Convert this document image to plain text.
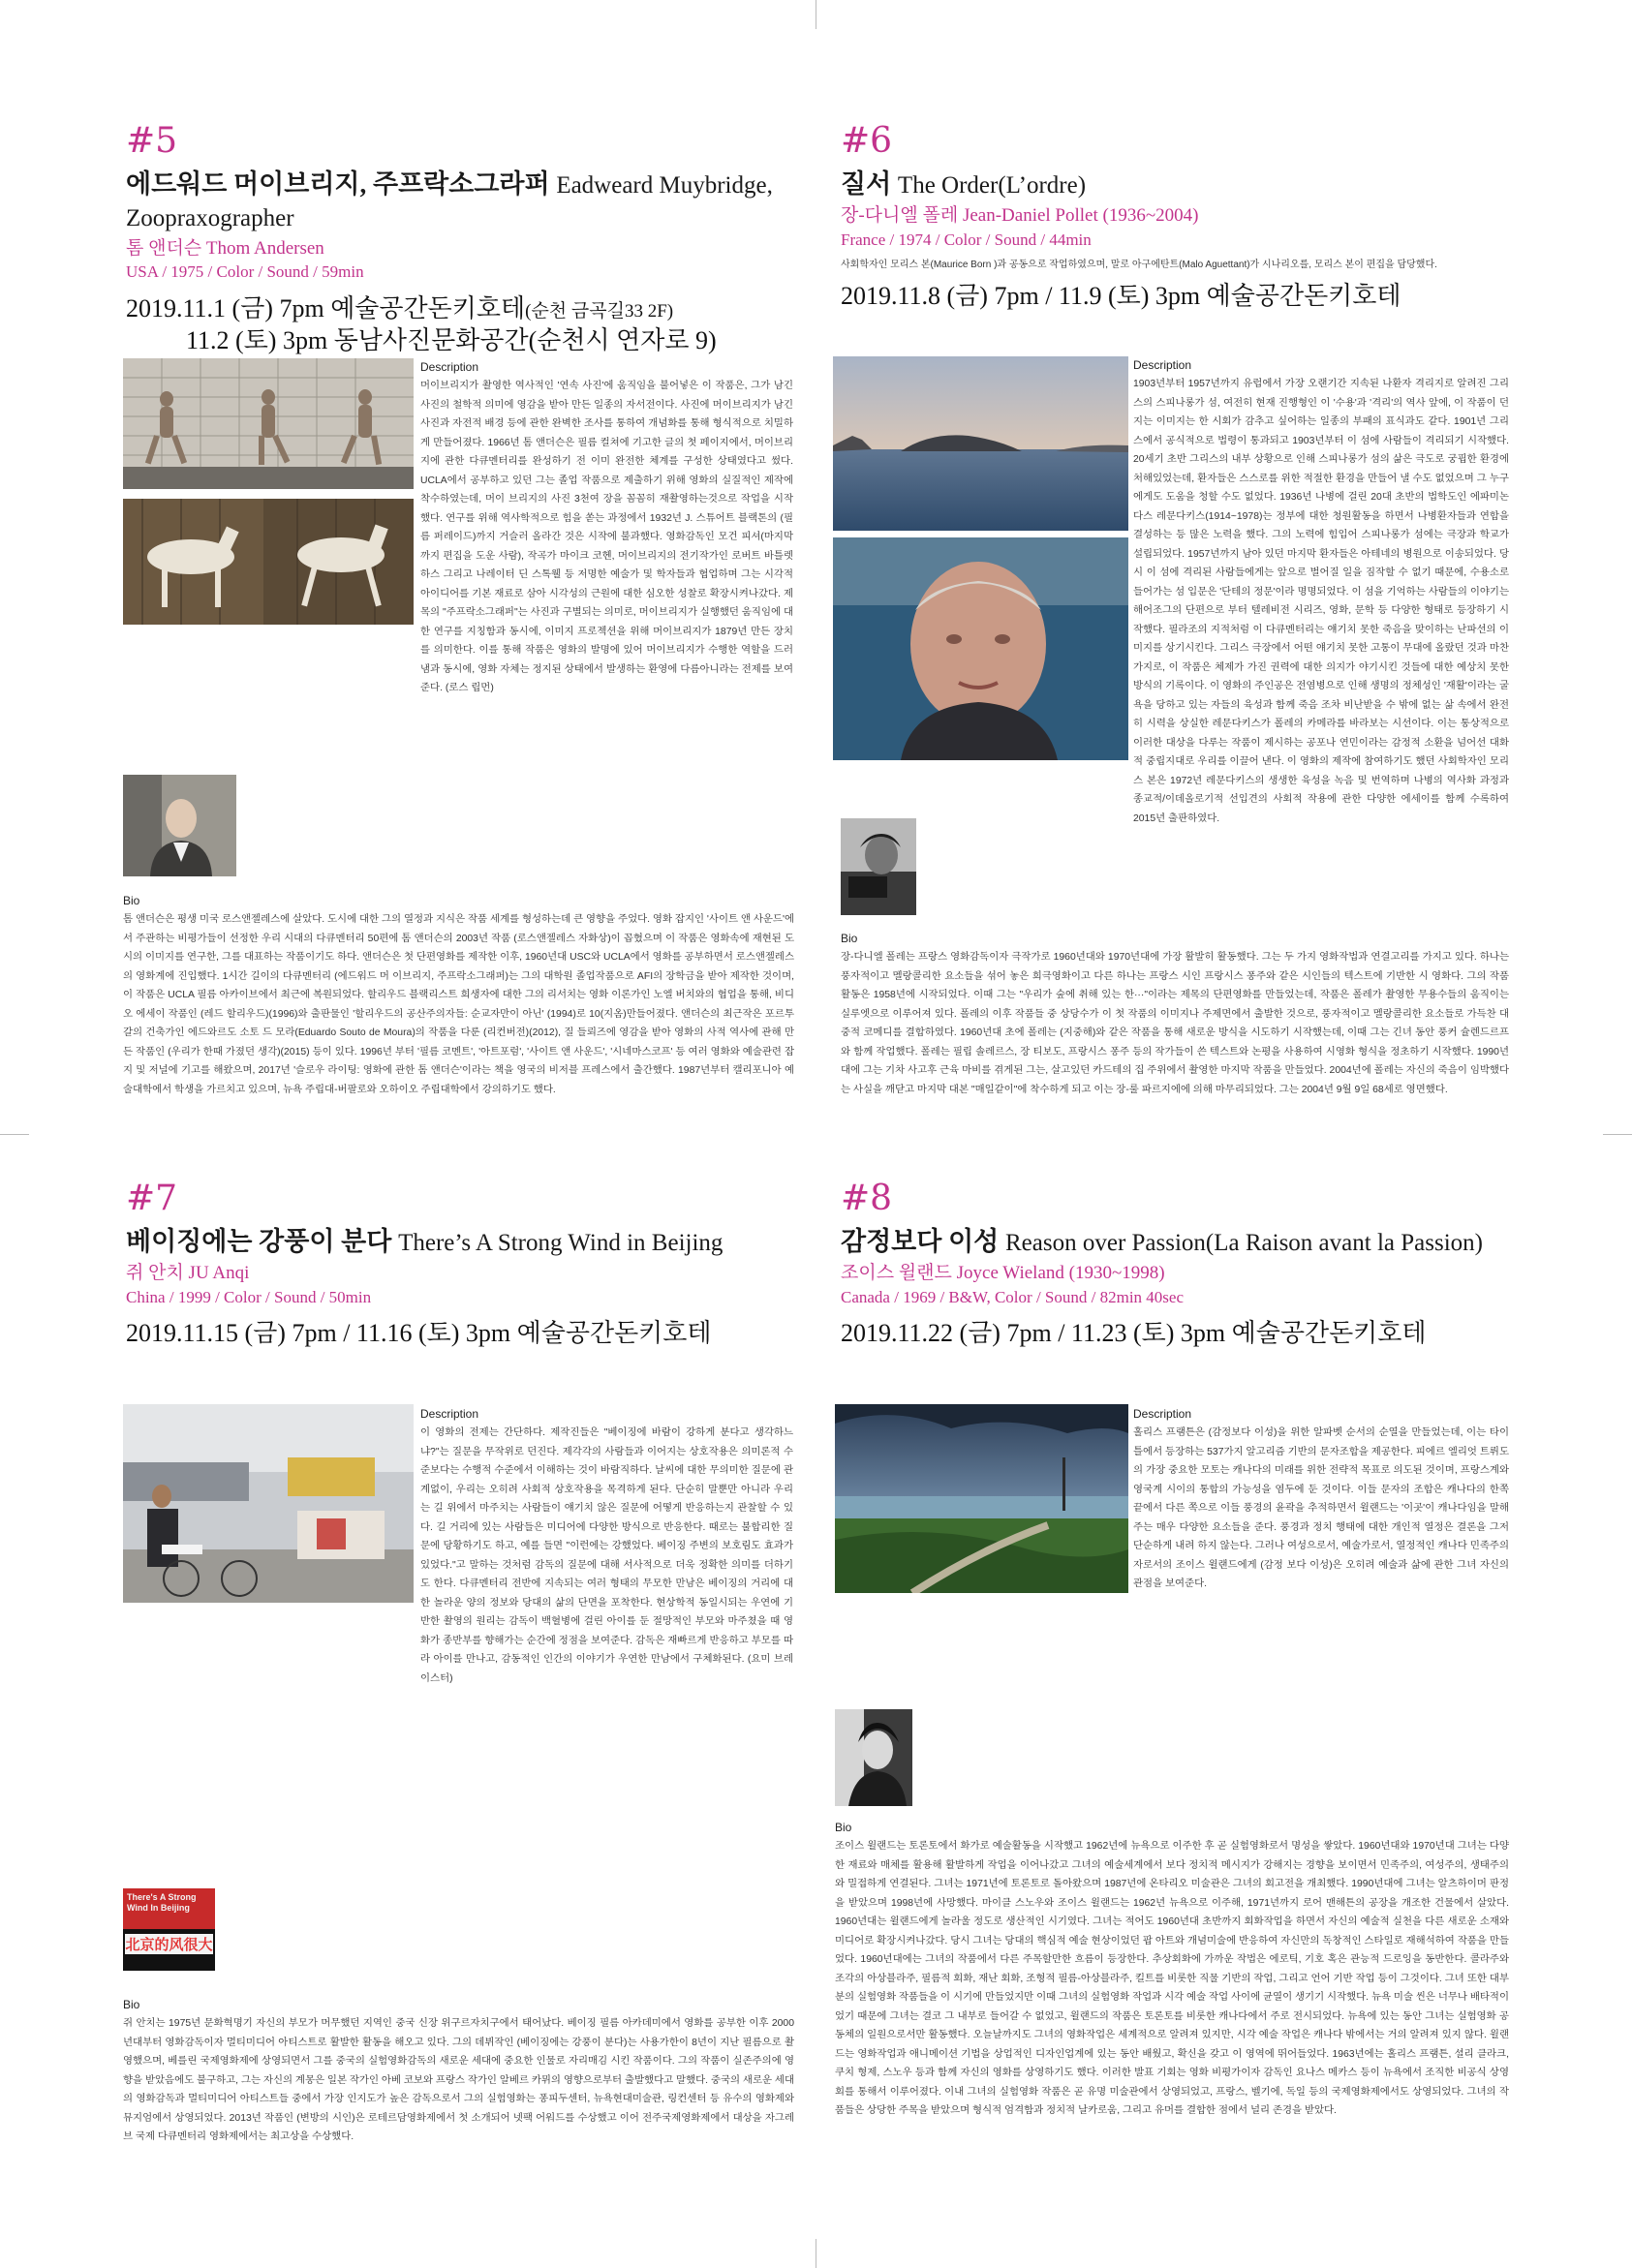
#5

에드워드 머이브리지, 주프락소그라퍼 Eadweard Muybridge, Zoopraxographer

톰 앤더슨 Thom Andersen

USA / 1975 / Color / Sound / 59min

2019.11.1 (금) 7pm 예술공간돈키호테(순천 금곡길33 2F)

11.2 (토) 3pm 동남사진문화공간(순천시 연자로 9)

Description

머이브리지가 촬영한 역사적인 '연속 사진'에 움직임을 불어넣은 이 작품은, 그가 남긴 사진의 철학적 의미에 영감을 받아 만든 일종의 자서전이다. 사진에 머이브리지가 남긴 사진과 자전적 배경 등에 관한 완벽한 조사를 통하여 개념화를 통해 형식적으로 치밀하게 만들어졌다. 1966년 톰 앤더슨은 필름 컬쳐에 기고한 글의 첫 페이지에서, 머이브리지에 관한 다큐멘터리를 완성하기 전 이미 완전한 체계를 구성한 상태였다고 썼다. UCLA에서 공부하고 있던 그는 졸업 작품으로 제출하기 위해 영화의 실질적인 제작에 착수하였는데, 머이 브리지의 사진 3천여 장을 꼼꼼히 재촬영하는것으로 작업을 시작했다. 연구를 위해 역사학적으로 힘을 쏟는 과정에서 1932년 J. 스튜어트 블랙톤의 (필름 퍼레이드)까지 거슬러 올라간 것은 시작에 불과했다. 영화감독인 모건 피셔(마지막까지 편집을 도운 사람), 작곡가 마이크 코헨, 머이브리지의 전기작가인 로버트 바틀렛 하스 그리고 나레이터 딘 스톡웰 등 저명한 예술가 및 학자들과 협업하며 그는 시각적 아이디어를 기본 재료로 삼아 시각성의 근원에 대한 심오한 성찰로 확장시켜나갔다. 제목의 "주프락소그래퍼"는 사진과 구별되는 의미로, 머이브리지가 실행했던 움직임에 대한 연구를 지칭함과 동시에, 이미지 프로젝션을 위해 머이브리지가 1879년 만든 장치를 의미한다. 이를 통해 작품은 영화의 발명에 있어 머이브리지가 수행한 역할을 드러냄과 동시에, 영화 자체는 정지된 상태에서 발생하는 환영에 다름아니라는 전제를 보여준다. (로스 립먼)

Bio

톰 앤더슨은 평생 미국 로스앤젤레스에 살았다. 도시에 대한 그의 열정과 지식은 작품 세계를 형성하는데 큰 영향을 주었다. 영화 잡지인 '사이트 앤 사운드'에서 주관하는 비평가들이 선정한 우리 시대의 다큐멘터리 50편에 톰 앤더슨의 2003년 작품 (로스앤젤레스 자화상)이 꼽혔으며 이 작품은 영화속에 재현된 도시의 이미지를 연구한, 그를 대표하는 작품이기도 하다. 앤더슨은 첫 단편영화를 제작한 이후, 1960년대 USC와 UCLA에서 영화를 공부하면서 로스앤젤레스의 영화계에 진입했다. 1시간 길이의 다큐멘터리 (에드워드 머 이브리지, 주프락소그래퍼)는 그의 대학원 졸업작품으로 AFI의 장학금을 받아 제작한 것이며, 이 작품은 UCLA 필름 아카이브에서 최근에 복원되었다. 할리우드 블랙리스트 희생자에 대한 그의 리서치는 영화 이론가인 노엘 버치와의 협업을 통해, 비디오 에세이 작품인 (레드 할리우드)(1996)와 출판물인 '할리우드의 공산주의자들: 순교자만이 아닌' (1994)로 10(지옴)만들어졌다. 앤더슨의 최근작은 포르투갈의 건축가인 에드와르도 소토 드 모라(Eduardo Souto de Moura)의 작품을 다룬 (리컨버전)(2012), 질 들뢰즈에 영감을 받아 영화의 사적 역사에 관해 만든 작품인 (우리가 한때 가졌던 생각)(2015) 등이 있다. 1996년 부터 '필름 코멘트', '아트포럼', '사이트 앤 사운드', '시네마스코프' 등 여러 영화와 예술관련 잡지 및 저널에 기고를 해왔으며, 2017년 '슬로우 라이팅: 영화에 관한 톰 앤더슨'이라는 책을 영국의 비저블 프레스에서 출간했다. 1987년부터 캘리포니아 예술대학에서 학생을 가르치고 있으며, 뉴욕 주립대-버팔로와 오하이오 주립대학에서 강의하기도 했다.

#6

질서 The Order(L’ordre)

장-다니엘 폴레 Jean-Daniel Pollet (1936~2004)

France / 1974 / Color / Sound / 44min

사회학자인 모리스 본(Maurice Born )과 공동으로 작업하였으며, 말로 아구에탄트(Malo Aguettant)가 시나리오를, 모리스 본이 편집을 담당했다.

2019.11.8 (금) 7pm / 11.9 (토) 3pm 예술공간돈키호테

Description

1903년부터 1957년까지 유럽에서 가장 오랜기간 지속된 나환자 격리지로 알려진 그리스의 스피나롱가 섬, 여전히 현재 진행형인 이 '수용'과 '격리'의 역사 앞에, 이 작품이 던지는 이미지는 한 시회가 감추고 싶어하는 일종의 부패의 표식과도 같다. 1901년 그리스에서 공식적으로 법령이 통과되고 1903년부터 이 섬에 사람들이 격리되기 시작했다. 20세기 초반 그리스의 내부 상황으로 인해 스피나롱가 섬의 삶은 극도로 궁핍한 환경에 처해있었는데, 환자들은 스스로를 위한 적절한 환경을 만들어 낼 수도 없었으며 그 누구에게도 도움을 청할 수도 없었다. 1936년 나병에 걸린 20대 초반의 법학도인 에파미논다스 레문다키스(1914~1978)는 정부에 대한 청원활동을 하면서 나병환자들과 연합을 결성하는 등 많은 노력을 했다. 그의 노력에 힘입어 스피나롱가 섬에는 극장과 학교가 설립되었다. 1957년까지 남아 있던 마지막 환자들은 아테네의 병원으로 이송되었다. 당시 이 섬에 격리된 사람들에게는 앞으로 벌어질 일을 짐작할 수 없기 때문에, 수용소로 들어가는 섬 입문은 '단테의 정문'이라 명명되었다. 이 섬을 기억하는 사람들의 이야기는 해어조그의 단편으로 부터 텔레비전 시리즈, 영화, 문학 등 다양한 형태로 등장하기 시작했다. 필라조의 지적처럼 이 다큐멘터리는 얘기치 못한 죽음을 맞이하는 난파선의 이미지를 상기시킨다. 그리스 극장에서 어떤 얘기치 못한 고통이 무대에 올랐던 것과 마찬가지로, 이 작품은 체제가 가진 권력에 대한 의지가 야기시킨 것들에 대한 예상치 못한 방식의 기록이다. 이 영화의 주인공은 전염병으로 인해 생명의 정체성인 '재활'이라는 굴욕을 당하고 있는 자들의 육성과 함께 죽음 조차 비난받을 수 밖에 없는 삶 속에서 완전히 시력을 상실한 레문다키스가 폴레의 카메라를 바라보는 시선이다. 이는 통상적으로 이러한 대상을 다루는 작품이 제시하는 공포나 연민이라는 감정적 소환을 넘어선 대화적 중립지대로 우리를 이끌어 낸다. 이 영화의 제작에 참여하기도 했던 사회학자인 모리스 본은 1972년 레문다키스의 생생한 육성을 녹음 및 번역하며 나병의 역사화 과정과 종교적/이데올로기적 선입견의 사회적 작용에 관한 다양한 에세이를 함께 수록하여 2015년 출판하였다.

Bio

장-다니엘 폴레는 프랑스 영화감독이자 극작가로 1960년대와 1970년대에 가장 활발히 활동했다. 그는 두 가지 영화작법과 연결고리를 가지고 있다. 하나는 풍자적이고 멜랑콜리한 요소들을 섞어 놓은 희극영화이고 다른 하나는 프랑스 시인 프랑시스 퐁주와 같은 시인들의 텍스트에 기반한 시 영화다. 그의 작품활동은 1958년에 시작되었다. 이때 그는 "우리가 숲에 취해 있는 한···"이라는 제목의 단편영화를 만들었는데, 작품은 폴레가 촬영한 무용수들의 움직이는 실루엣으로 이루어져 있다. 폴레의 이후 작품들 중 상당수가 이 첫 작품의 이미지나 주제면에서 출발한 것으로, 풍자적이고 멜랑콜리한 요소들로 가득찬 대중적 코메디를 결합하였다. 1960년대 초에 폴레는 (지중해)와 같은 작품을 통해 새로운 방식을 시도하기 시작했는데, 이때 그는 긴녀 동안 풍커 슐렌드르프와 함께 작업했다. 폴레는 필립 솔레르스, 장 티보도, 프랑시스 퐁주 등의 작가들이 쓴 텍스트와 논평을 사용하여 시영화 형식을 정초하기 시작했다. 1990년대에 그는 기차 사고후 근육 마비를 겪게된 그는, 살고있던 카드테의 집 주위에서 촬영한 마지막 작품을 만들었다. 2004년에 폴레는 자신의 죽음이 임박했다는 사실을 깨닫고 마지막 대본 "매일같이"에 착수하게 되고 이는 장-룰 파르지에에 의해 마무리되었다. 그는 2004년 9월 9일 68세로 영면했다.

#7

베이징에는 강풍이 분다 There’s A Strong Wind in Beijing

쥐 안치 JU Anqi

China / 1999 / Color / Sound / 50min

2019.11.15 (금) 7pm / 11.16 (토) 3pm 예술공간돈키호테

There's A Strong
Wind In Beijing
北京的风很大

Description

이 영화의 전제는 간단하다. 제작진들은 "베이징에 바람이 강하게 분다고 생각하느냐?"는 질문을 무작위로 던진다. 제각각의 사람들과 이어지는 상호작용은 의미론적 수준보다는 수행적 수준에서 이해하는 것이 바람직하다. 날씨에 대한 무의미한 질문에 관계없이, 우리는 오히려 사회적 상호작용을 목격하게 된다. 단순히 말뿐만 아니라 우리는 길 위에서 마주치는 사람들이 얘기치 않은 질문에 어떻게 반응하는지 관찰할 수 있다. 길 거리에 있는 사람들은 미디어에 다양한 방식으로 반응한다. 때로는 불합리한 질문에 당황하기도 하고, 예를 들면 "이런에는 강했었다. 베이징 주변의 보호림도 효과가 있었다."고 말하는 것처럼 감독의 질문에 대해 서사적으로 더욱 정확한 의미를 더하기도 한다. 다큐멘터리 전반에 지속되는 여러 형태의 무모한 만남은 베이징의 거리에 대한 놀라운 양의 정보와 당대의 삶의 단면을 포착한다. 현상학적 동일시되는 우연에 기반한 촬영의 원리는 감독이 백혈병에 걸린 아이를 둔 절망적인 부모와 마주쳤을 때 영화가 종반부를 향해가는 순간에 정점을 보여준다. 감독은 재빠르게 반응하고 부모를 따라 아이를 만나고, 감동적인 인간의 이야기가 우연한 만남에서 구체화된다. (요미 브레이스터)

Bio

쥐 안치는 1975년 문화혁명기 자신의 부모가 머무했던 지역인 중국 신장 위구르자치구에서 태어났다. 베이징 필름 아카데미에서 영화를 공부한 이후 2000년대부터 영화감독이자 멀티미디어 아티스트로 활발한 활동을 해오고 있다. 그의 데뷔작인 (베이징에는 강풍이 분다)는 사용가한이 8년이 지난 필름으로 촬영했으며, 베를린 국제영화제에 상영되면서 그를 중국의 실험영화감독의 새로운 세대에 중요한 인물로 자리매김 시킨 작품이다. 그의 작품이 실존주의에 영향을 받았음에도 불구하고, 그는 자신의 계몽은 일본 작가인 아베 코보와 프랑스 작가인 알베르 카뮈의 영향으로부터 출발했다고 말했다. 중국의 새로운 세대의 영화감독과 멀티미디어 아티스트들 중에서 가장 인지도가 높은 감독으로서 그의 실험영화는 퐁피두센터, 뉴욕현대미술관, 링컨센터 등 유수의 영화제와 뮤지엄에서 상영되었다. 2013년 작품인 (변방의 시인)은 로테르담영화제에서 첫 소개되어 넷팩 어워드를 수상했고 이어 전주국제영화제에서 대상을 자그레브 국제 다큐멘터리 영화제에서는 최고상을 수상했다.

#8

감정보다 이성 Reason over Passion(La Raison avant la Passion)

조이스 윌랜드 Joyce Wieland (1930~1998)

Canada / 1969 / B&W, Color / Sound / 82min 40sec

2019.11.22 (금) 7pm / 11.23 (토) 3pm 예술공간돈키호테

Description

홀리스 프램튼은 (감정보다 이성)을 위한 알파벳 순서의 순열을 만들었는데, 이는 타이틀에서 등장하는 537가지 알고리즘 기반의 문자조합을 제공한다. 피에르 엘리엇 트뤼도의 가장 중요한 모토는 캐나다의 미래를 위한 전략적 목표로 의도된 것이며, 프랑스계와 영국계 시이의 통합의 가능성을 염두에 둔 것이다. 이들 문자의 조합은 캐나다의 한쪽 끝에서 다른 쪽으로 이들 풍경의 윤곽을 추적하면서 윌랜드는 '이곳'이 캐나다임을 말해주는 매우 다양한 요소들을 준다. 풍경과 정치 행태에 대한 개인적 열정은 결론을 그저 단순하게 내려 하지 않는다. 그러나 여성으로서, 예술가로서, 열정적인 캐나다 민족주의자로서의 조이스 윌랜드에게 (감정 보다 이성)은 오히려 예술과 삶에 관한 그녀 자신의 관점을 보여준다.

Bio

조이스 윌랜드는 토론토에서 화가로 예술활동을 시작했고 1962년에 뉴욕으로 이주한 후 곧 실험영화로서 명성을 쌓았다. 1960년대와 1970년대 그녀는 다양한 재료와 매체를 활용해 활발하게 작업을 이어나갔고 그녀의 예술세계에서 보다 정치적 메시지가 강해지는 경향을 보이면서 민족주의, 여성주의, 생태주의와 밀접하게 연결된다. 그녀는 1971년에 토론토로 돌아왔으며 1987년에 온타리오 미술관은 그녀의 회고전을 개최했다. 1990년대에 그녀는 알츠하이머 판정을 받았으며 1998년에 사망했다. 마이클 스노우와 조이스 윌랜드는 1962년 뉴욕으로 이주해, 1971년까지 로어 맨해튼의 공장을 개조한 건물에서 살았다. 1960년대는 윌랜드에게 놀라울 정도로 생산적인 시기였다. 그녀는 적어도 1960년대 초반까지 회화작업을 하면서 자신의 예술적 실천을 다른 새로운 소재와 미디어로 확장시켜나갔다. 당시 그녀는 당대의 핵심적 예술 현상이었던 팝 아트와 개념미술에 반응하여 자신만의 독창적인 스타일로 재해석하여 작품을 만들었다. 1960년대에는 그녀의 작품에서 다른 주목할만한 흐름이 등장한다. 추상회화에 가까운 작법은 에로틱, 기호 혹은 관능적 드로잉을 동반한다. 콜라주와 조각의 아상블라주, 필름적 회화, 재난 회화, 조형적 필름-아상블라주, 킬트를 비롯한 직물 기반의 작업, 그리고 언어 기반 작업 등이 그것이다. 그녀 또한 대부분의 실험영화 작품들을 이 시기에 만들었지만 이때 그녀의 실험영화 작업과 시각 예술 작업 사이에 균열이 생기기 시작했다. 뉴욕 미술 씬은 너무나 배타적이었기 때문에 그녀는 결코 그 내부로 들어갈 수 없었고, 윌랜드의 작품은 토론토를 비롯한 캐나다에서 주로 전시되었다. 뉴욕에 있는 동안 그녀는 실험영화 공동체의 일원으로서만 활동했다. 오늘날까지도 그녀의 영화작업은 세계적으로 알려져 있지만, 시각 예술 작업은 캐나다 밖에서는 거의 알려져 있지 않다. 윌랜드는 영화작업과 애니메이션 기법을 상업적인 디자인업계에 있는 동안 배웠고, 확신을 갖고 이 영역에 뛰어들었다. 1963년에는 홀리스 프램튼, 셜리 클라크, 쿠치 형제, 스노우 등과 함께 자신의 영화를 상영하기도 했다. 이러한 발표 기회는 영화 비평가이자 감독인 요나스 메카스 등이 뉴욕에서 조직한 비공식 상영회를 통해서 이루어졌다. 이내 그녀의 실험영화 작품은 곧 유명 미술관에서 상영되었고, 프랑스, 벨기에, 독일 등의 국제영화제에서도 상영되었다. 그녀의 작품들은 상당한 주목을 받았으며 형식적 엄격함과 정치적 날카로움, 그리고 유머를 결합한 점에서 널리 존경을 받았다.
